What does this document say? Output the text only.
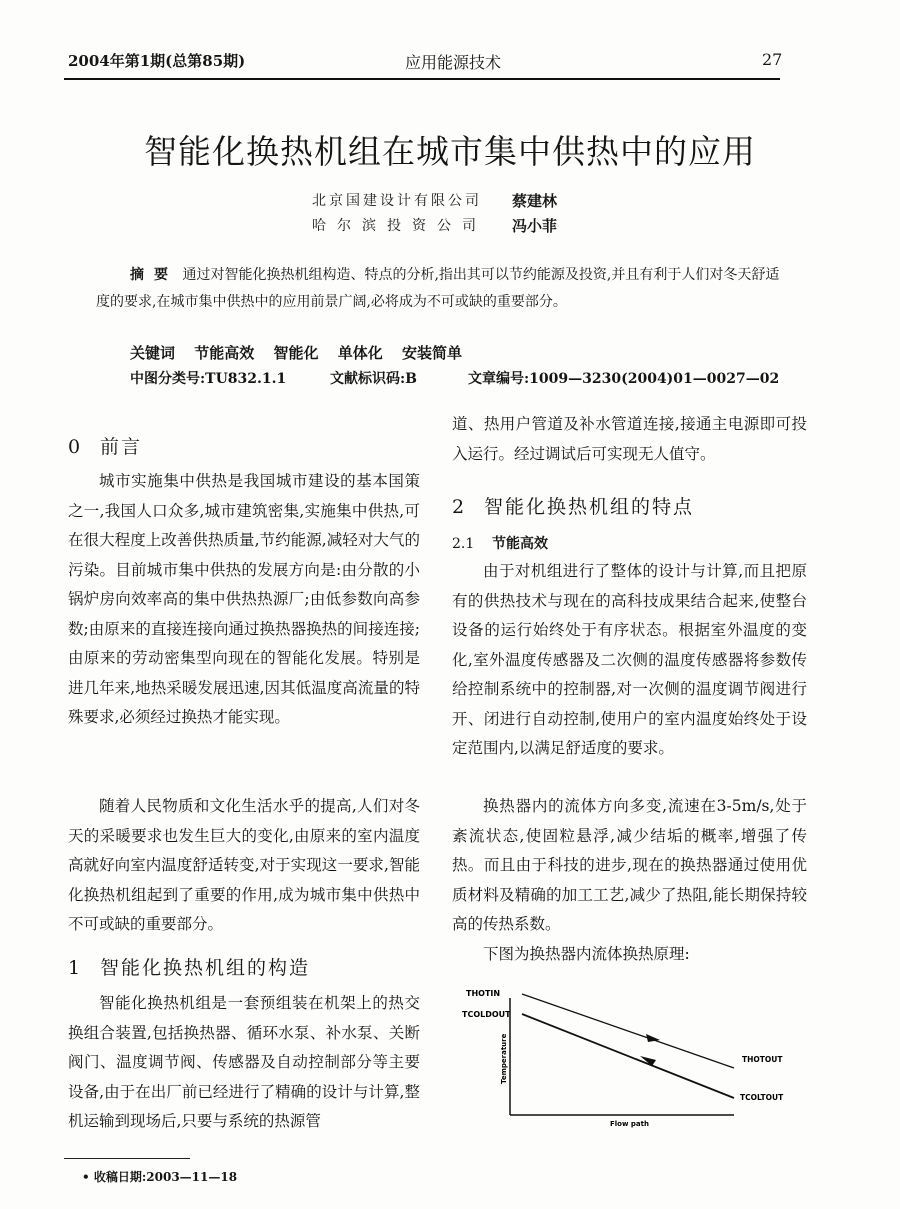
2004年第1期(总第85期)	应用能源技术	27
智能化换热机组在城市集中供热中的应用
北京国建设计有限公司 蔡建林
哈尔滨投资公司 冯小菲
摘要 通过对智能化换热机组构造、特点的分析,指出其可以节约能源及投资,并且有利于人们对冬天舒适度的要求,在城市集中供热中的应用前景广阔,必将成为不可或缺的重要部分。
关键词 节能高效 智能化 单体化 安装简单
中图分类号:TU832.1.1	文献标识码:B	文章编号:1009—3230(2004)01—0027—02
0 前言
城市实施集中供热是我国城市建设的基本国策之一,我国人口众多,城市建筑密集,实施集中供热,可在很大程度上改善供热质量,节约能源,减轻对大气的污染。目前城市集中供热的发展方向是:由分散的小锅炉房向效率高的集中供热热源厂;由低参数向高参数;由原来的直接连接向通过换热器换热的间接连接;由原来的劳动密集型向现在的智能化发展。特别是进几年来,地热采暖发展迅速,因其低温度高流量的特殊要求,必须经过换热才能实现。
随着人民物质和文化生活水乎的提高,人们对冬天的采暖要求也发生巨大的变化,由原来的室内温度高就好向室内温度舒适转变,对于实现这一要求,智能化换热机组起到了重要的作用,成为城市集中供热中不可或缺的重要部分。
1 智能化换热机组的构造
智能化换热机组是一套预组装在机架上的热交换组合装置,包括换热器、循环水泵、补水泵、关断阀门、温度调节阀、传感器及自动控制部分等主要设备,由于在出厂前已经进行了精确的设计与计算,整机运输到现场后,只要与系统的热源管
道、热用户管道及补水管道连接,接通主电源即可投入运行。经过调试后可实现无人值守。
2 智能化换热机组的特点
2.1 节能高效
由于对机组进行了整体的设计与计算,而且把原有的供热技术与现在的高科技成果结合起来,使整台设备的运行始终处于有序状态。根据室外温度的变化,室外温度传感器及二次侧的温度传感器将参数传给控制系统中的控制器,对一次侧的温度调节阀进行开、闭进行自动控制,使用户的室内温度始终处于设定范围内,以满足舒适度的要求。
换热器内的流体方向多变,流速在3-5m/s,处于紊流状态,使固粒悬浮,减少结垢的概率,增强了传热。而且由于科技的进步,现在的换热器通过使用优质材料及精确的加工工艺,减少了热阻,能长期保持较高的传热系数。
下图为换热器内流体换热原理:
THOTIN
TCOLDOUT
THOTOUT
TCOLTOUT
Temperature
Flow path
• 收稿日期:2003—11—18
